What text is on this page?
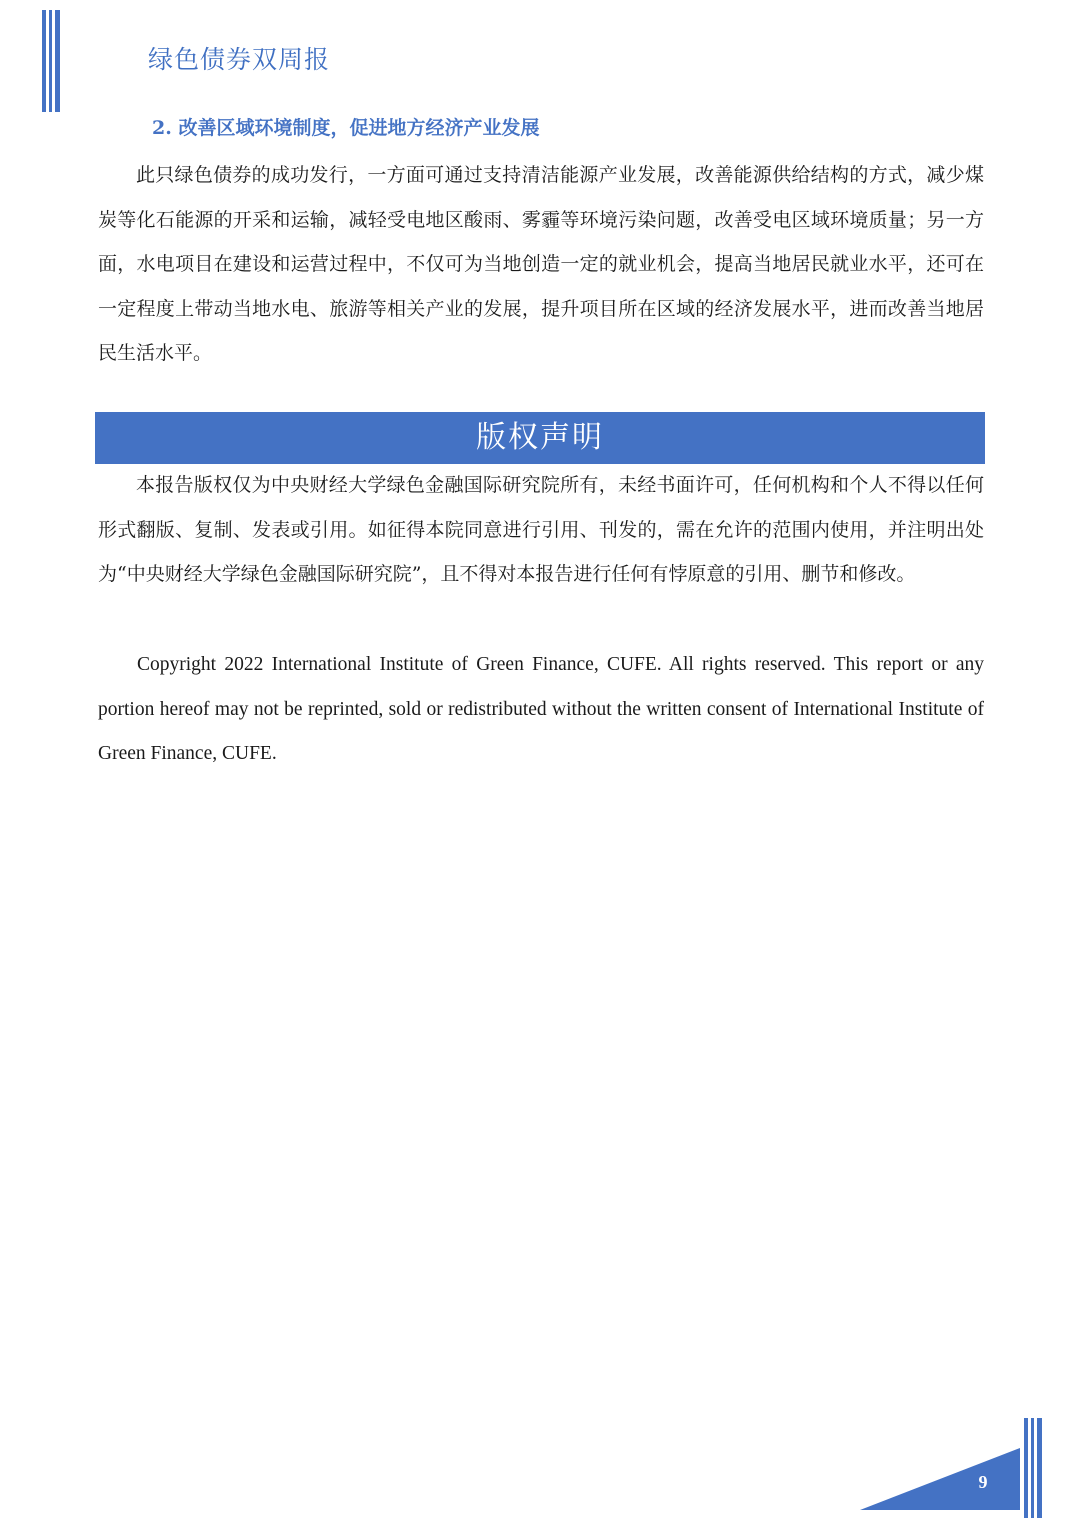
绿色债券双周报
2. 改善区域环境制度，促进地方经济产业发展
此只绿色债券的成功发行，一方面可通过支持清洁能源产业发展，改善能源供给结构的方式，减少煤炭等化石能源的开采和运输，减轻受电地区酸雨、雾霾等环境污染问题，改善受电区域环境质量；另一方面，水电项目在建设和运营过程中，不仅可为当地创造一定的就业机会，提高当地居民就业水平，还可在一定程度上带动当地水电、旅游等相关产业的发展，提升项目所在区域的经济发展水平，进而改善当地居民生活水平。
版权声明
本报告版权仅为中央财经大学绿色金融国际研究院所有，未经书面许可，任何机构和个人不得以任何形式翻版、复制、发表或引用。如征得本院同意进行引用、刊发的，需在允许的范围内使用，并注明出处为“中央财经大学绿色金融国际研究院”，且不得对本报告进行任何有悖原意的引用、删节和修改。
Copyright 2022 International Institute of Green Finance, CUFE. All rights reserved. This report or any portion hereof may not be reprinted, sold or redistributed without the written consent of International Institute of Green Finance, CUFE.
9
